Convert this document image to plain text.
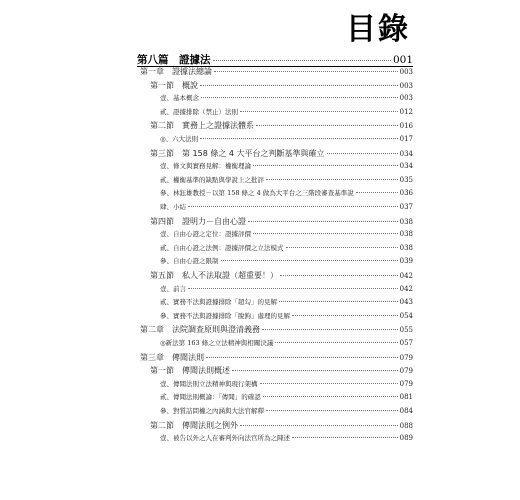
目錄
第八篇　證據法	001
第一章　證據法總論	003
第一節　概說	003
壹、基本概念	003
貳、證據排除（禁止）法則	012
第二節　實務上之證據法體系	016
◎、六大法則	017
第三節　第 158 條之 4 大平台之判斷基準與確立	034
壹、條文與實務見解：權衡理論	034
貳、權衡基準的缺點與學說上之批評	035
參、林鈺雄教授－以第 158 條之 4 做為大平台之三階段審查基準說	036
肆、小結	037
第四節　證明力－自由心證	038
壹、自由心證之定位：證據評價	038
貳、自由心證之法例：證據評價之立法模式	038
參、自由心證之限制	039
第五節　私人不法取證（超重要！）	042
壹、前言	042
貳、實務不法與證據排除「超勾」的見解	043
參、實務不法與證據排除「脫鉤」處理的見解	054
第二章　法院調查原則與澄清義務	055
◎新法第 163 條之立法精神與相關決議	057
第三章　傳聞法則	079
第一節　傳聞法則概述	079
壹、傳聞法則立法精神與現行架構	079
貳、傳聞法則概論：「傳聞」的確認	081
參、對質詰問權之內涵與大法官解釋	084
第二節　傳聞法則之例外	088
壹、被告以外之人在審判外向法官所為之陳述	089
